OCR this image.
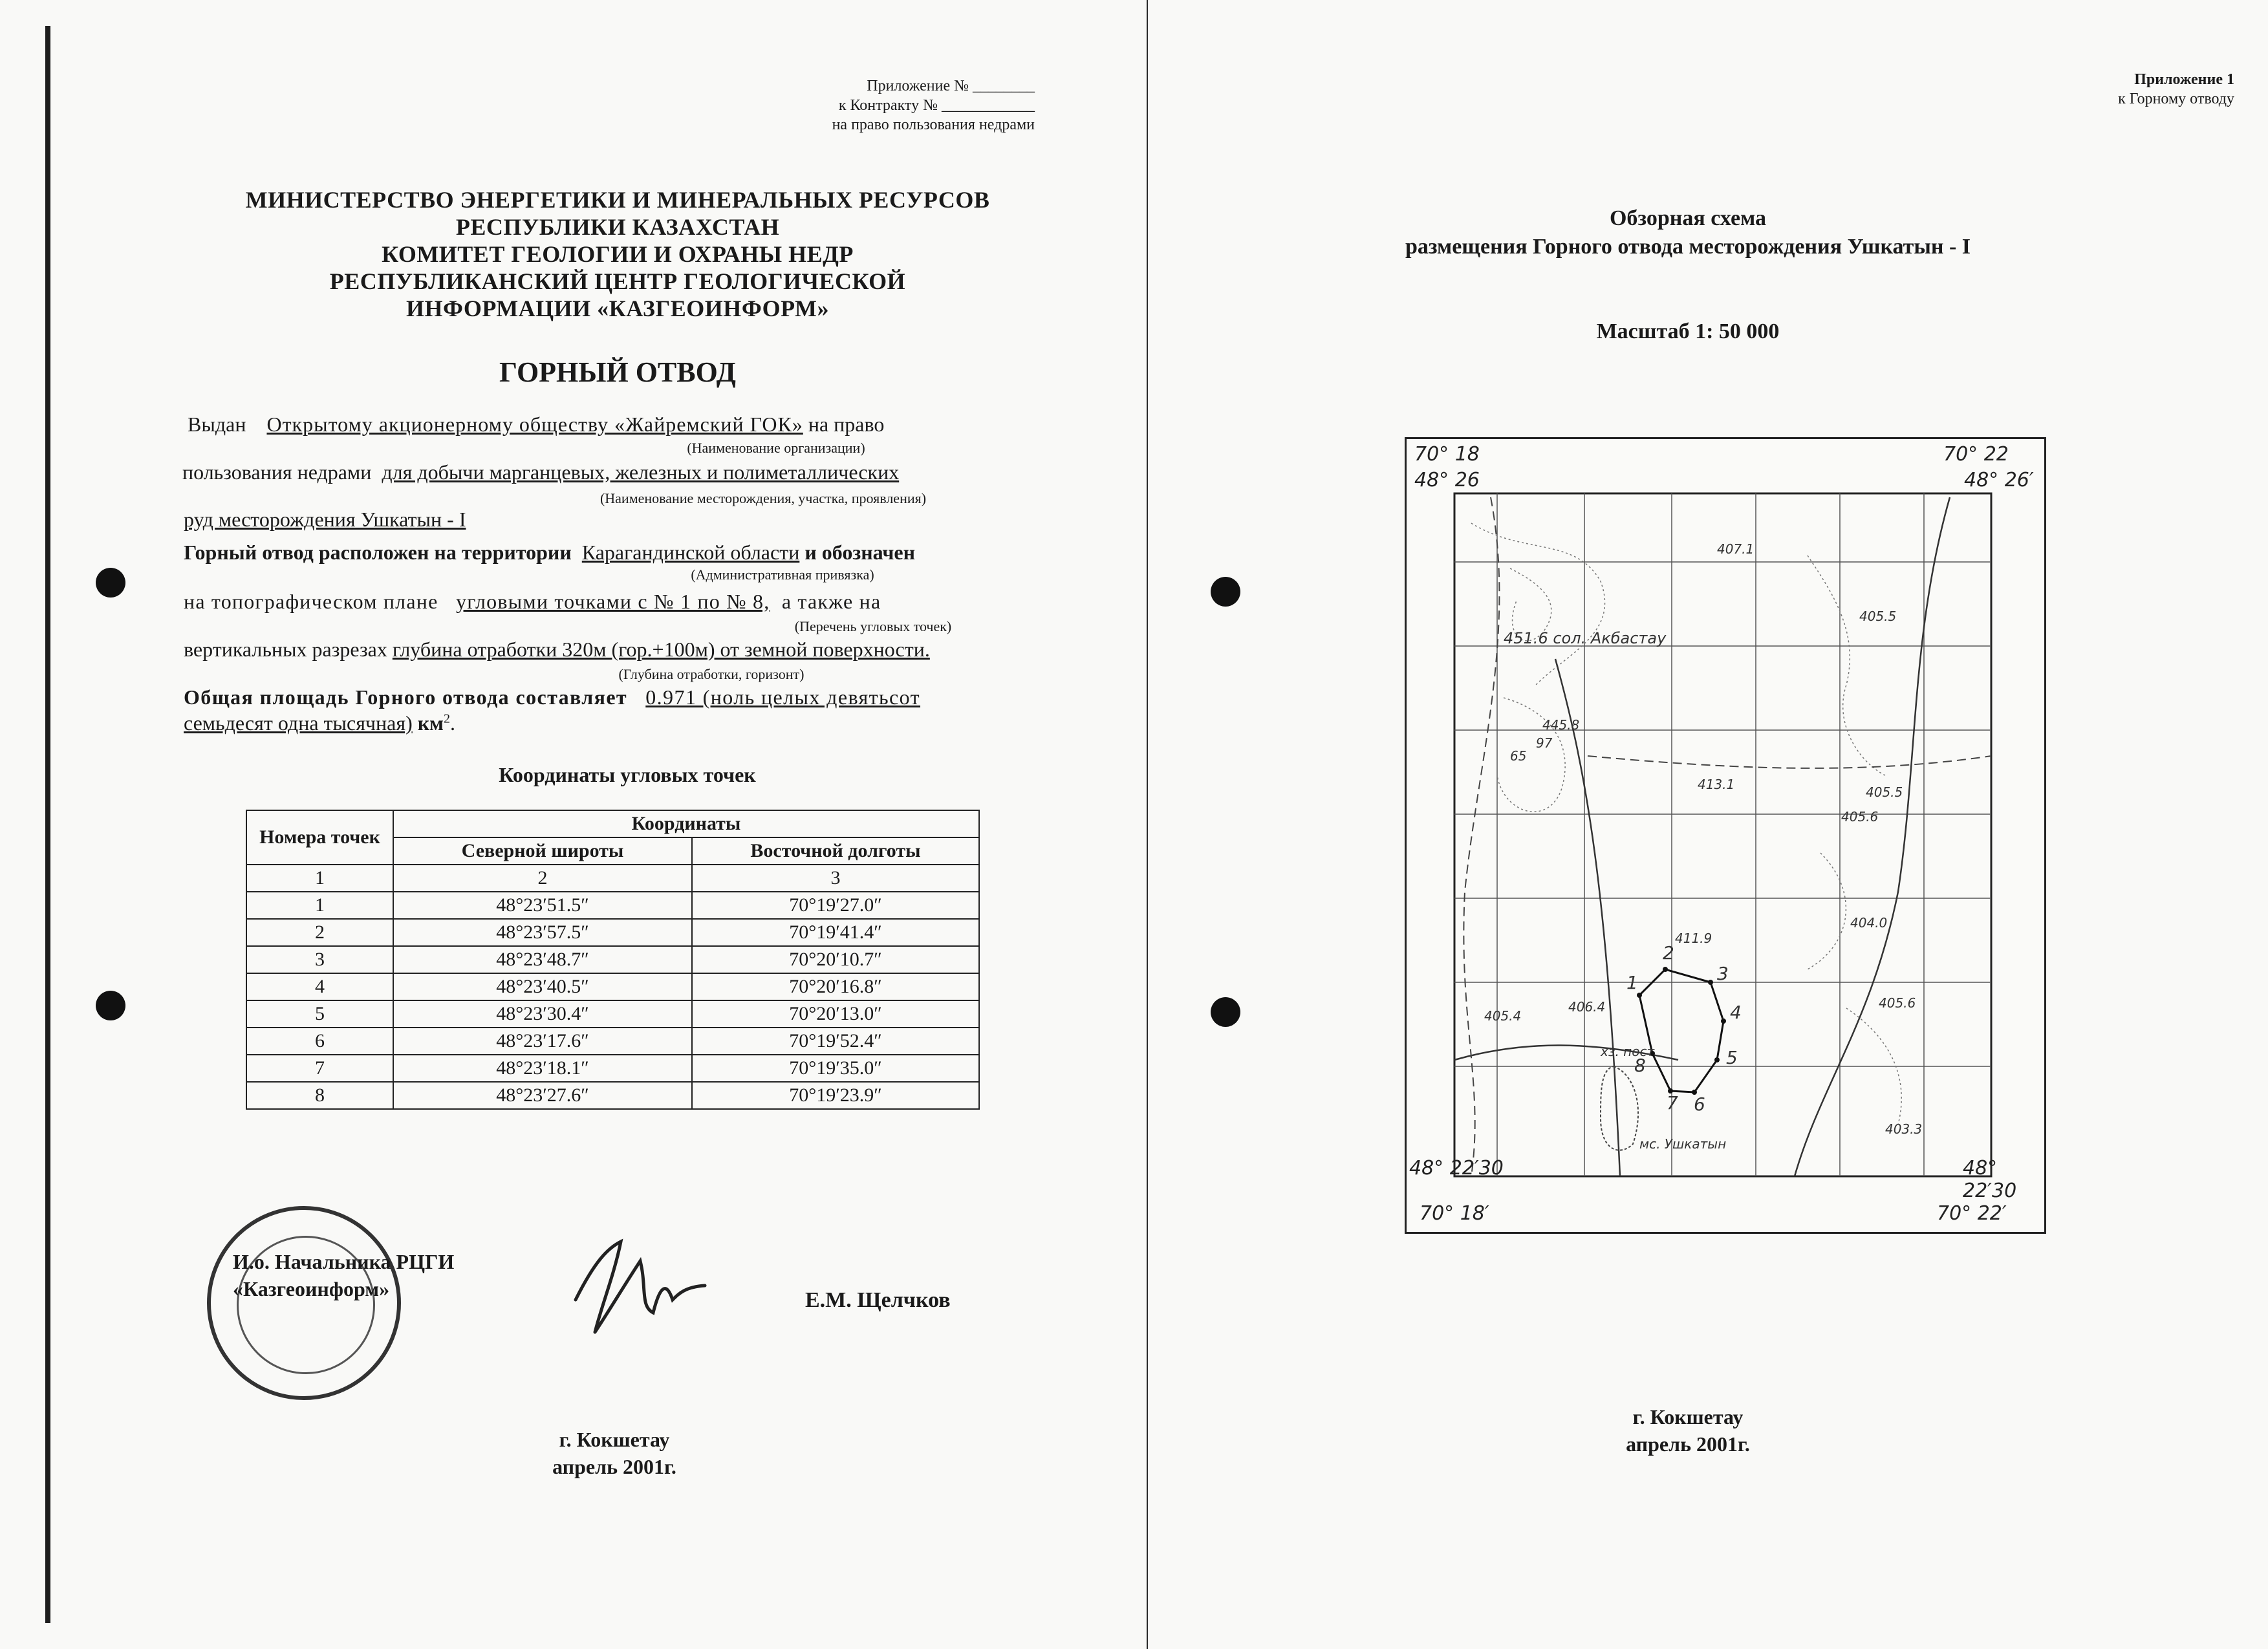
Приложение № ________
к Контракту № ____________
на право пользования недрами
МИНИСТЕРСТВО ЭНЕРГЕТИКИ И МИНЕРАЛЬНЫХ РЕСУРСОВ
РЕСПУБЛИКИ КАЗАХСТАН
КОМИТЕТ ГЕОЛОГИИ И ОХРАНЫ НЕДР
РЕСПУБЛИКАНСКИЙ ЦЕНТР ГЕОЛОГИЧЕСКОЙ
ИНФОРМАЦИИ «КАЗГЕОИНФОРМ»
ГОРНЫЙ ОТВОД
Выдан Открытому акционерному обществу «Жайремский ГОК» на право
(Наименование организации)
пользования недрами для добычи марганцевых, железных и полиметаллических
(Наименование месторождения, участка, проявления)
руд месторождения Ушкатын - I
Горный отвод расположен на территории Карагандинской области и обозначен
(Административная привязка)
на топографическом плане угловыми точками с № 1 по № 8, а также на
(Перечень угловых точек)
вертикальных разрезах глубина отработки 320м (гор.+100м) от земной поверхности.
(Глубина отработки, горизонт)
Общая площадь Горного отвода составляет 0.971 (ноль целых девятьсот
семьдесят одна тысячная) $км^2$.
Координаты угловых точек
Номера точек	Координаты	
	Северной широты	Восточной долготы
1	2	3
1	48°23′51.5″	70°19′27.0″
2	48°23′57.5″	70°19′41.4″
3	48°23′48.7″	70°20′10.7″
4	48°23′40.5″	70°20′16.8″
5	48°23′30.4″	70°20′13.0″
6	48°23′17.6″	70°19′52.4″
7	48°23′18.1″	70°19′35.0″
8	48°23′27.6″	70°19′23.9″
И.о. Начальника РЦГИ
«Казгеоинформ»	Е.М. Щелчков
г. Кокшетау
апрель 2001г.
Приложение 1
к Горному отводу
Обзорная схема
размещения Горного отвода месторождения Ушкатын - I
Масштаб 1: 50 000
70° 18
48° 26
70° 22
48° 26′
48° 22′30
70° 18′
48° 22′30
70° 22′
451.6 сол. Акбастау
хз. пост
мс. Ушкатын
407.1
405.5
445.8
97
65
413.1	405.5
405.6
404.0
405.4
406.4
411.9
405.6
403.3
1
2
3
4
5
6
7
8
г. Кокшетау
апрель 2001г.
